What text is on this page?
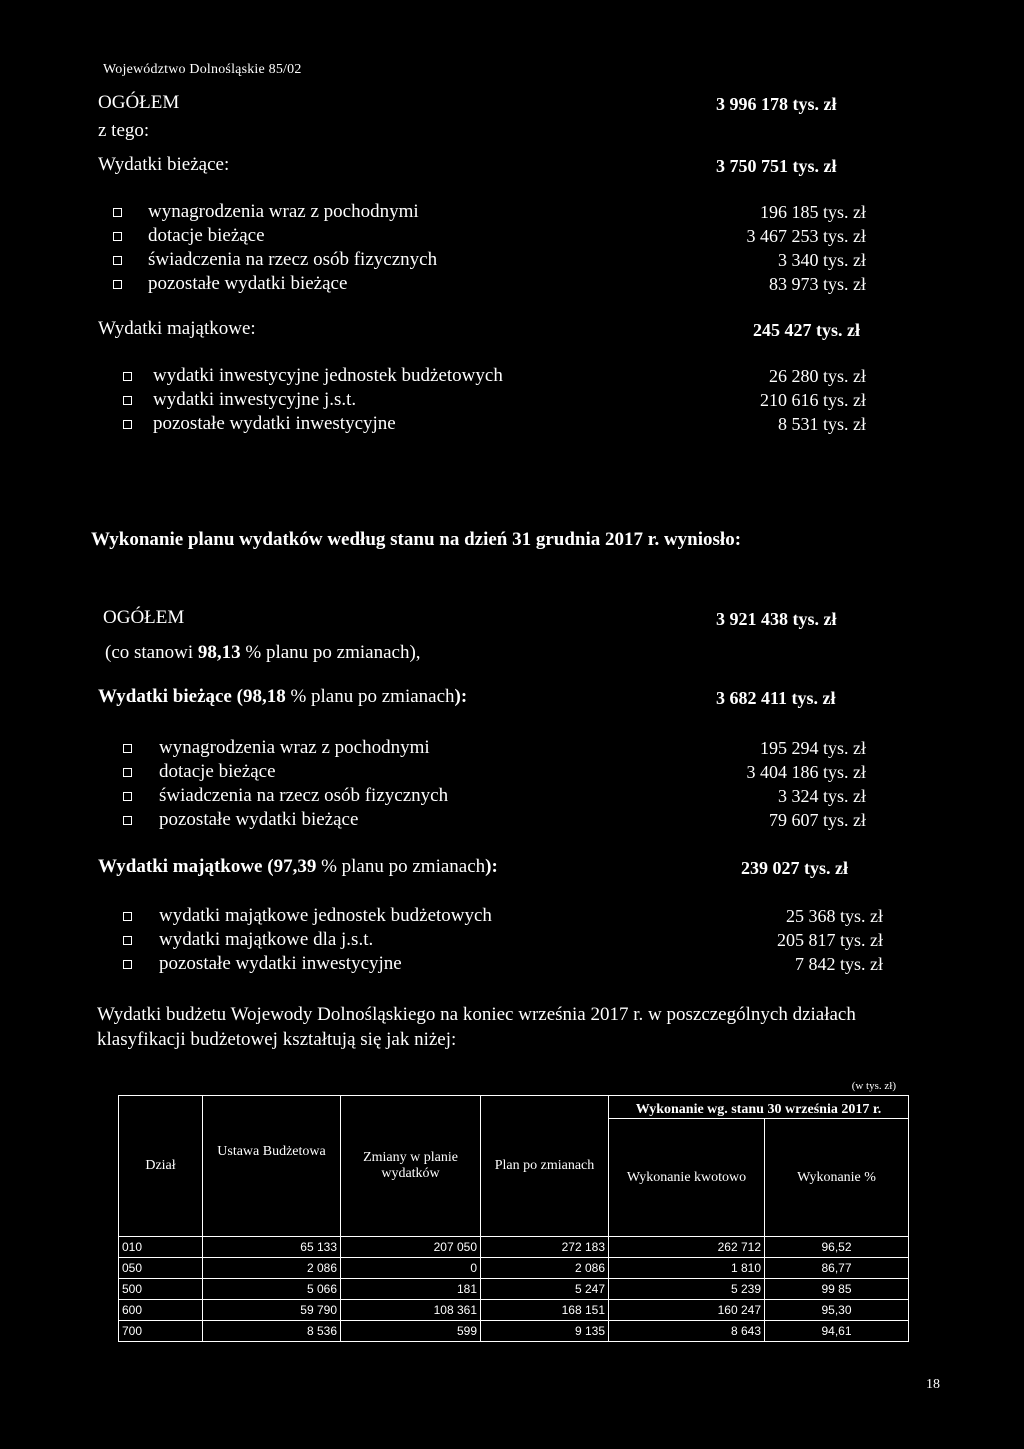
Województwo Dolnośląskie 85/02
OGÓŁEM	3 996 178 tys. zł
z tego:
Wydatki bieżące:	3 750 751 tys. zł
wynagrodzenia wraz z pochodnymi	196 185 tys. zł
dotacje bieżące	3 467 253 tys. zł
świadczenia na rzecz osób fizycznych	3 340 tys. zł
pozostałe wydatki bieżące	83 973 tys. zł
Wydatki majątkowe:	245 427 tys. zł
wydatki inwestycyjne jednostek budżetowych	26 280 tys. zł
wydatki inwestycyjne j.s.t.	210 616 tys. zł
pozostałe wydatki inwestycyjne	8 531 tys. zł
Wykonanie planu wydatków według stanu na dzień 31 grudnia 2017 r. wyniosło:
OGÓŁEM	3 921 438 tys. zł
(co stanowi 98,13 % planu po zmianach),
Wydatki bieżące (98,18 % planu po zmianach):	3 682 411 tys. zł
wynagrodzenia wraz z pochodnymi	195 294 tys. zł
dotacje bieżące	3 404 186 tys. zł
świadczenia na rzecz osób fizycznych	3 324 tys. zł
pozostałe wydatki bieżące	79 607 tys. zł
Wydatki majątkowe (97,39 % planu po zmianach):	239 027 tys. zł
wydatki majątkowe jednostek budżetowych	25 368 tys. zł
wydatki majątkowe dla j.s.t.	205 817 tys. zł
pozostałe wydatki inwestycyjne	7 842 tys. zł
Wydatki budżetu Wojewody Dolnośląskiego na koniec września 2017 r. w poszczególnych działach klasyfikacji budżetowej kształtują się jak niżej:
(w tys. zł)
Dział	Ustawa Budżetowa	Zmiany w planie wydatków	Plan po zmianach	Wykonanie wg. stanu 30 września 2017 r.	
				Wykonanie kwotowo	Wykonanie %
010	65 133	207 050	272 183	262 712	96,52
050	2 086	0	2 086	1 810	86,77
500	5 066	181	5 247	5 239	99 85
600	59 790	108 361	168 151	160 247	95,30
700	8 536	599	9 135	8 643	94,61
18
